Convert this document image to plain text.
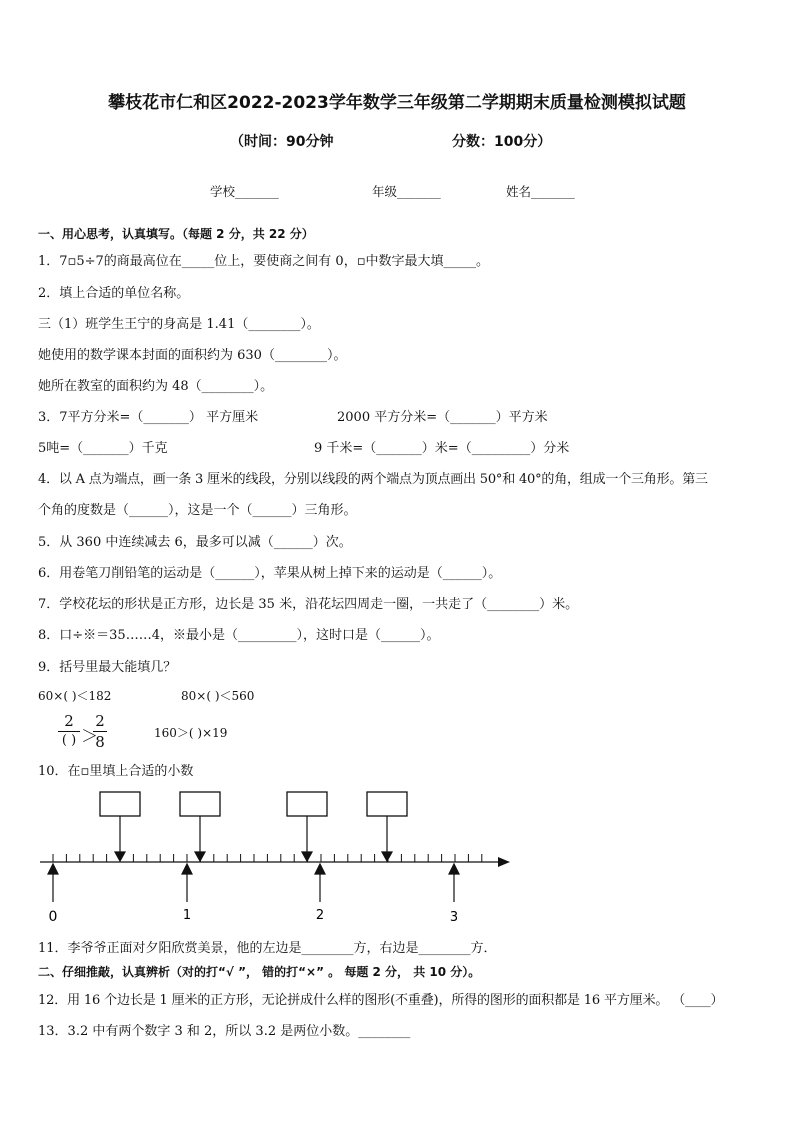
攀枝花市仁和区2022-2023学年数学三年级第二学期期末质量检测模拟试题
（时间：90分钟	分数：100分）
学校_______	年级_______	姓名_______
一、用心思考，认真填写。（每题 2 分，共 22 分）
1．7▫5÷7的商最高位在_____位上，要使商之间有 0，▫中数字最大填_____。
2．填上合适的单位名称。
三（1）班学生王宁的身高是 1.41（________）。
她使用的数学课本封面的面积约为 630（________）。
她所在教室的面积约为 48（________）。
3．7平方分米=（_______） 平方厘米	2000 平方分米=（_______）平方米
5吨=（_______）千克	9 千米=（_______）米=（_________）分米
4．以 A 点为端点，画一条 3 厘米的线段，分别以线段的两个端点为顶点画出 50°和 40°的角，组成一个三角形。第三
个角的度数是（______），这是一个（______）三角形。
5．从 360 中连续减去 6，最多可以减（______）次。
6．用卷笔刀削铅笔的运动是（______），苹果从树上掉下来的运动是（______）。
7．学校花坛的形状是正方形，边长是 35 米，沿花坛四周走一圈，一共走了（________）米。
8．口÷※＝35……4，※最小是（_________），这时口是（______）。
9．括号里最大能填几？
60×( )＜182	80×( )＜560
2
( ) ＞
2
8	160＞( )×19
10．在▫里填上合适的小数
0	1	2	3
11．李爷爷正面对夕阳欣赏美景，他的左边是________方，右边是________方．
二、仔细推敲，认真辨析（对的打“√ ”， 错的打“×” 。 每题 2 分， 共 10 分）。
12．用 16 个边长是 1 厘米的正方形，无论拼成什么样的图形(不重叠)，所得的图形的面积都是 16 平方厘米。 （____）
13．3.2 中有两个数字 3 和 2，所以 3.2 是两位小数。________
